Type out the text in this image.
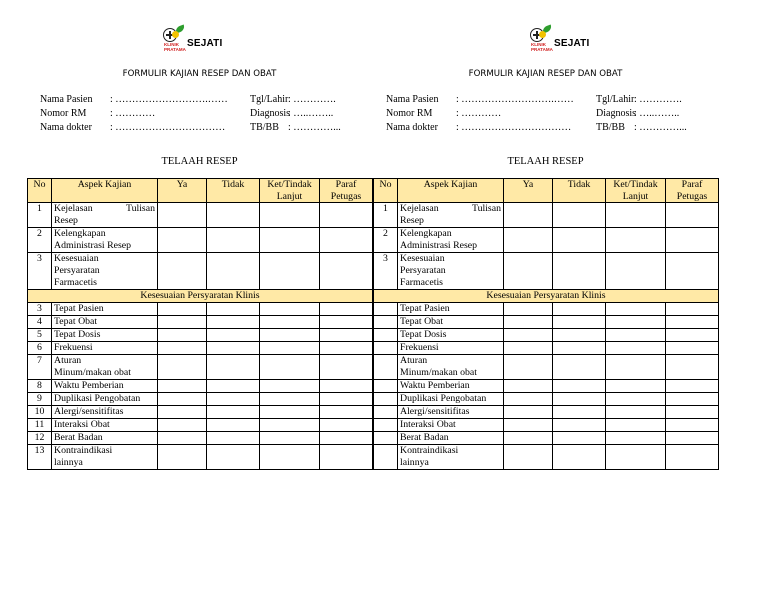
KLINIK
PRATAMA
SEJATI
FORMULIR KAJIAN RESEP DAN OBAT
Nama Pasien : ……………………….…… Tgl/Lahir : ………….
Nomor RM : …………	Diagnosis
: …..……..
Nama dokter : …………………………… TB/BB : …………...
TELAAH RESEP
No	Aspek Kajian	Ya	Tidak	Ket/Tindak Lanjut	Paraf Petugas
1	Kejelasan Tulisan
Resep				

2	Kelengkapan
Administrasi Resep				

3	Kesesuaian
Persyaratan
Farmacetis				

Kesesuaian Persyaratan Klinis					
3	Tepat Pasien				

4	Tepat Obat				

5	Tepat Dosis				

6	Frekuensi				

7	Aturan
Minum/makan obat				

8	Waktu Pemberian				

9	Duplikasi Pengobatan				

10	Alergi/sensitifitas				

11	Interaksi Obat				

12	Berat Badan				

13	Kontraindikasi
lainnya				

KLINIK
PRATAMA
SEJATI
FORMULIR KAJIAN RESEP DAN OBAT
Nama Pasien : ……………………….…… Tgl/Lahir : ………….
Nomor RM : …………	Diagnosis
: …..……..
Nama dokter : …………………………… TB/BB : …………...
TELAAH RESEP
No	Aspek Kajian	Ya	Tidak	Ket/Tindak Lanjut	Paraf Petugas
1	Kejelasan Tulisan
Resep				

2	Kelengkapan
Administrasi Resep				

3	Kesesuaian
Persyaratan
Farmacetis				

Kesesuaian Persyaratan Klinis					

	Tepat Pasien				

	Tepat Obat				

	Tepat Dosis				

	Frekuensi				

	Aturan
Minum/makan obat				

	Waktu Pemberian				

	Duplikasi Pengobatan				

	Alergi/sensitifitas				

	Interaksi Obat				

	Berat Badan				

	Kontraindikasi
lainnya				
